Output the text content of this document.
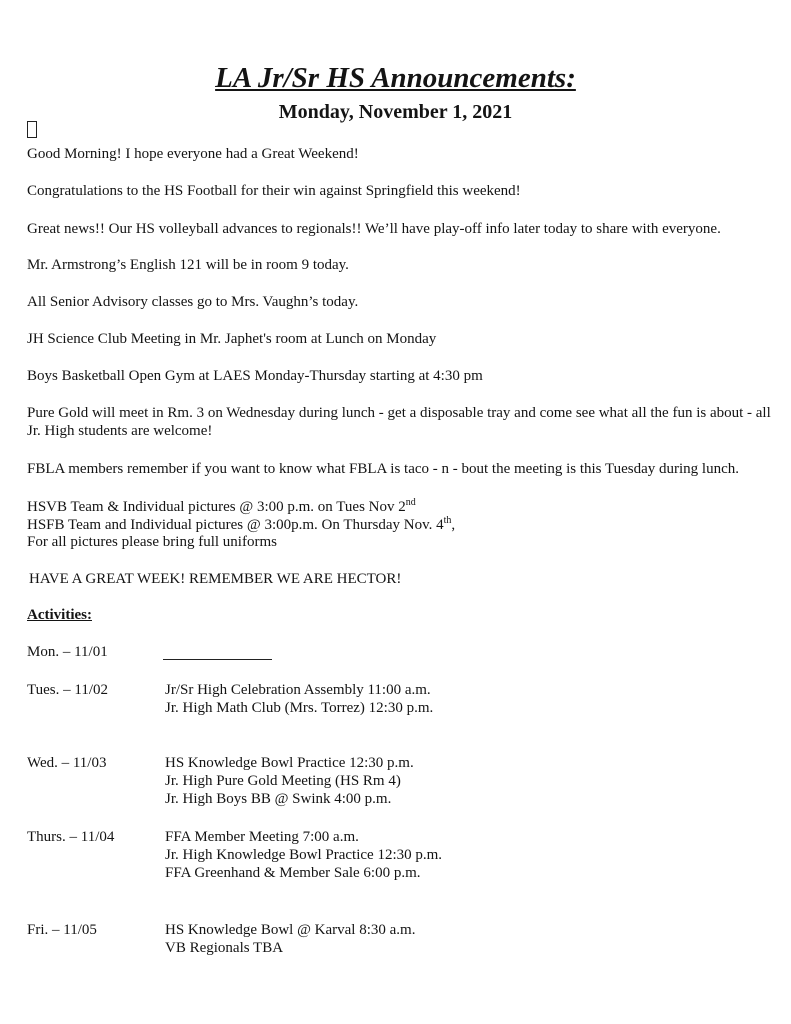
LA Jr/Sr HS Announcements:
Monday, November 1, 2021

Good Morning! I hope everyone had a Great Weekend!

Congratulations to the HS Football for their win against Springfield this weekend!

Great news!! Our HS volleyball advances to regionals!! We’ll have play-off info later today to share with everyone.

Mr. Armstrong’s English 121 will be in room 9 today.

All Senior Advisory classes go to Mrs. Vaughn’s today.

JH Science Club Meeting in Mr. Japhet's room at Lunch on Monday

Boys Basketball Open Gym at LAES Monday-Thursday starting at 4:30 pm

Pure Gold will meet in Rm. 3 on Wednesday during lunch - get a disposable tray and come see what all the fun is about - all Jr. High students are welcome!

FBLA members remember if you want to know what FBLA is taco - n - bout the meeting is this Tuesday during lunch.

HSVB Team & Individual pictures @ 3:00 p.m. on Tues Nov 2nd

HSFB Team and Individual pictures @ 3:00p.m. On Thursday Nov. 4th,

For all pictures please bring full uniforms

HAVE A GREAT WEEK! REMEMBER WE ARE HECTOR!

Activities:

Mon. – 11/01
Tues. – 11/02	Jr/Sr High Celebration Assembly 11:00 a.m.
Jr. High Math Club (Mrs. Torrez) 12:30 p.m.
Wed. – 11/03	HS Knowledge Bowl Practice 12:30 p.m.
Jr. High Pure Gold Meeting (HS Rm 4)
Jr. High Boys BB @ Swink 4:00 p.m.
Thurs. – 11/04	FFA Member Meeting 7:00 a.m.
Jr. High Knowledge Bowl Practice 12:30 p.m.
FFA Greenhand & Member Sale 6:00 p.m.
Fri. – 11/05	HS Knowledge Bowl @ Karval 8:30 a.m.
VB Regionals TBA
